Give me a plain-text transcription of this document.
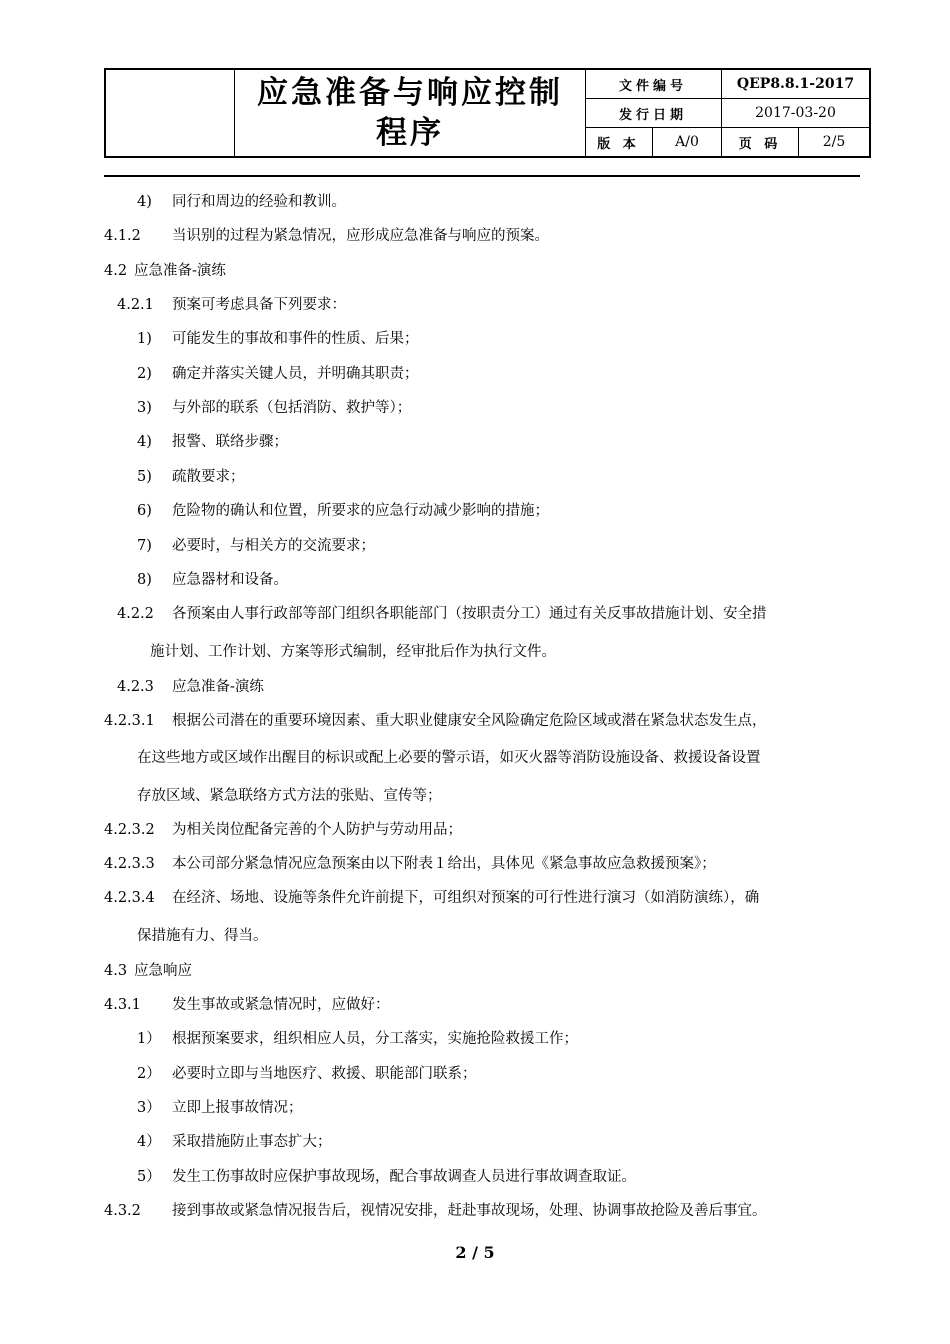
应急准备与响应控制程序
文件编号	QEP8.8.1-2017
发行日期	2017-03-20
版 本	A/0	页 码	2/5
4) 同行和周边的经验和教训。
4.1.2 当识别的过程为紧急情况，应形成应急准备与响应的预案。
4.2 应急准备-演练
4.2.1 预案可考虑具备下列要求：
1) 可能发生的事故和事件的性质、后果；
2) 确定并落实关键人员，并明确其职责；
3) 与外部的联系（包括消防、救护等）；
4) 报警、联络步骤；
5) 疏散要求；
6) 危险物的确认和位置，所要求的应急行动减少影响的措施；
7) 必要时，与相关方的交流要求；
8) 应急器材和设备。
4.2.2 各预案由人事行政部等部门组织各职能部门（按职责分工）通过有关反事故措施计划、安全措
施计划、工作计划、方案等形式编制，经审批后作为执行文件。
4.2.3 应急准备-演练
4.2.3.1 根据公司潜在的重要环境因素、重大职业健康安全风险确定危险区域或潜在紧急状态发生点，
在这些地方或区域作出醒目的标识或配上必要的警示语，如灭火器等消防设施设备、救援设备设置
存放区域、紧急联络方式方法的张贴、宣传等；
4.2.3.2 为相关岗位配备完善的个人防护与劳动用品；
4.2.3.3 本公司部分紧急情况应急预案由以下附表１给出，具体见《紧急事故应急救援预案》；
4.2.3.4 在经济、场地、设施等条件允许前提下，可组织对预案的可行性进行演习（如消防演练），确
保措施有力、得当。
4.3 应急响应
4.3.1 发生事故或紧急情况时，应做好：
1） 根据预案要求，组织相应人员，分工落实，实施抢险救援工作；
2） 必要时立即与当地医疗、救援、职能部门联系；
3） 立即上报事故情况；
4） 采取措施防止事态扩大；
5） 发生工伤事故时应保护事故现场，配合事故调查人员进行事故调查取证。
4.3.2 接到事故或紧急情况报告后，视情况安排，赶赴事故现场，处理、协调事故抢险及善后事宜。
2 / 5
